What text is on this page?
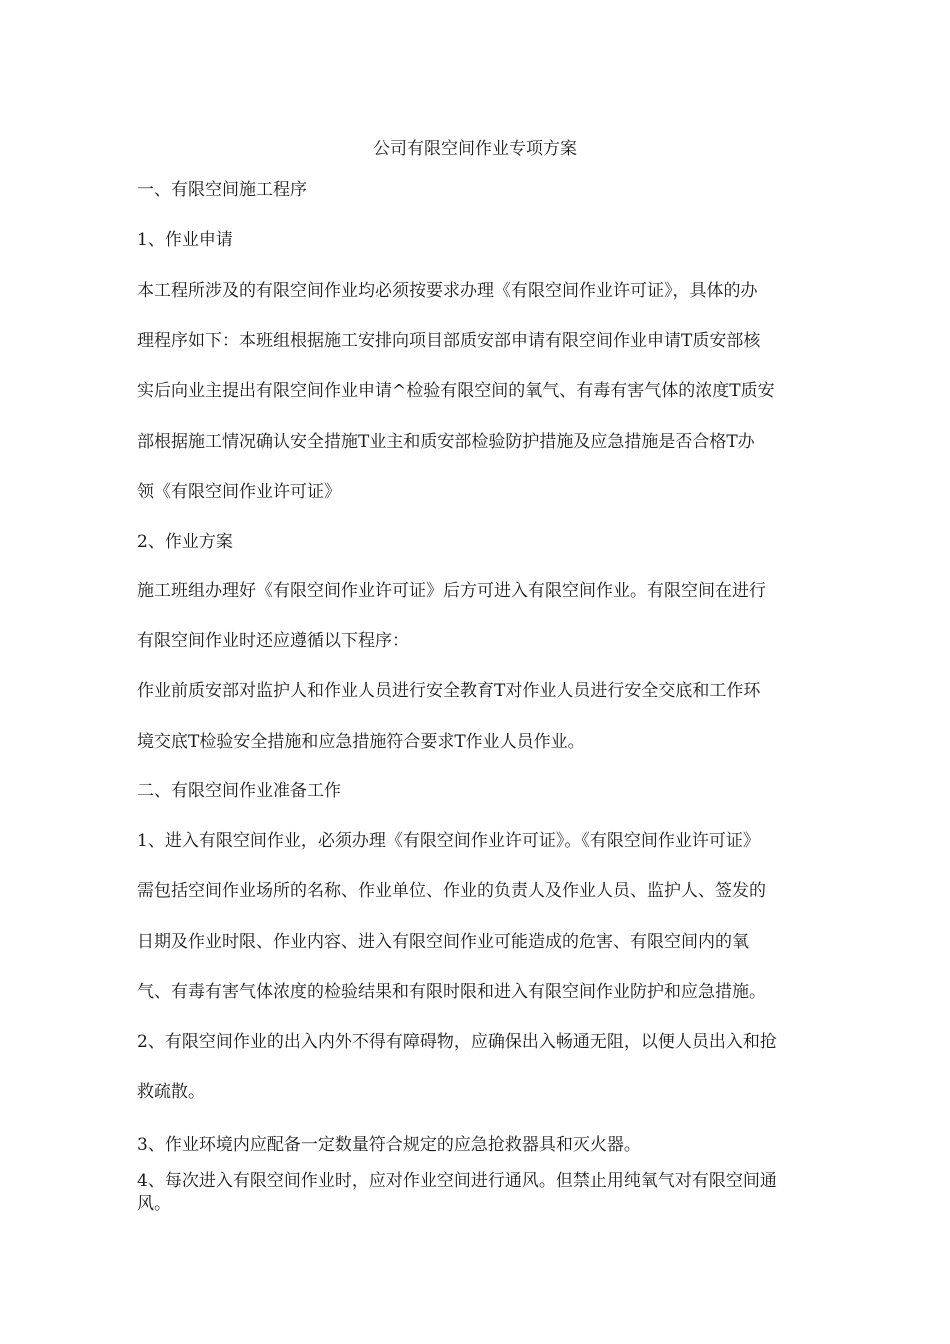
公司有限空间作业专项方案
一、有限空间施工程序
1、作业申请
本工程所涉及的有限空间作业均必须按要求办理《有限空间作业许可证》，具体的办
理程序如下：本班组根据施工安排向项目部质安部申请有限空间作业申请T质安部核
实后向业主提出有限空间作业申请^检验有限空间的氧气、有毒有害气体的浓度T质安
部根据施工情况确认安全措施T业主和质安部检验防护措施及应急措施是否合格T办
领《有限空间作业许可证》
2、作业方案
施工班组办理好《有限空间作业许可证》后方可进入有限空间作业。有限空间在进行
有限空间作业时还应遵循以下程序：
作业前质安部对监护人和作业人员进行安全教育T对作业人员进行安全交底和工作环
境交底T检验安全措施和应急措施符合要求T作业人员作业。
二、有限空间作业准备工作
1、进入有限空间作业，必须办理《有限空间作业许可证》。《有限空间作业许可证》
需包括空间作业场所的名称、作业单位、作业的负责人及作业人员、监护人、签发的
日期及作业时限、作业内容、进入有限空间作业可能造成的危害、有限空间内的氧
气、有毒有害气体浓度的检验结果和有限时限和进入有限空间作业防护和应急措施。
2、有限空间作业的出入内外不得有障碍物，应确保出入畅通无阻，以便人员出入和抢
救疏散。
3、作业环境内应配备一定数量符合规定的应急抢救器具和灭火器。
4、每次进入有限空间作业时，应对作业空间进行通风。但禁止用纯氧气对有限空间通
风。
